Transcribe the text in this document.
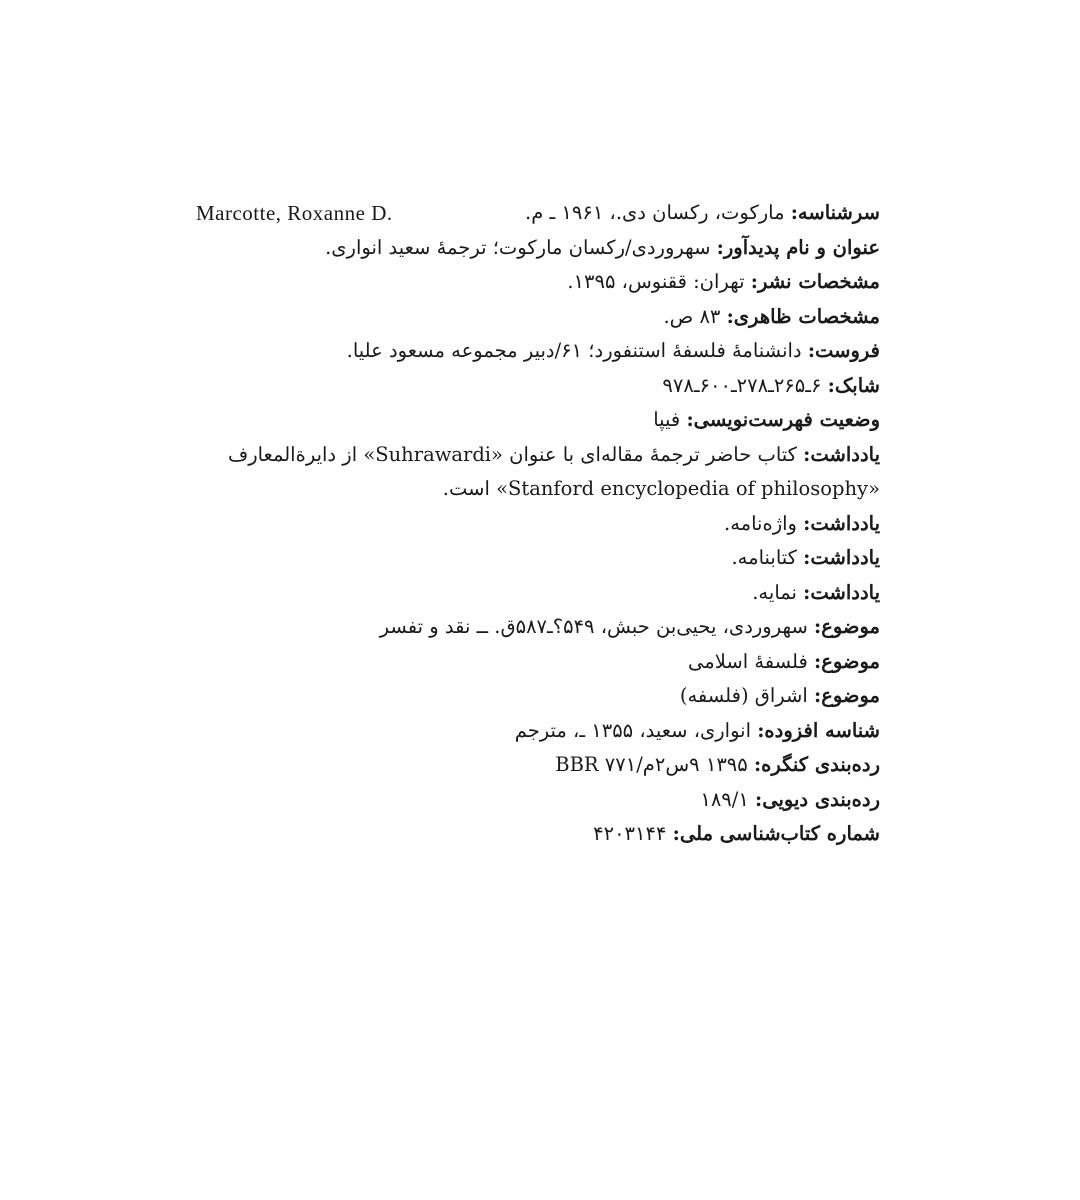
سرشناسه: مارکوت، رکسان دی.، ۱۹۶۱ ـ م.
Marcotte, Roxanne D.
عنوان و نام پدیدآور: سهروردی/رکسان مارکوت؛ ترجمهٔ سعید انواری.
مشخصات نشر: تهران: ققنوس، ۱۳۹۵.
مشخصات ظاهری: ۸۳ ص.
فروست: دانشنامهٔ فلسفهٔ استنفورد؛ ۶۱/دبیر مجموعه مسعود علیا.
شابک: ۶ـ۲۶۵ـ۲۷۸ـ۶۰۰ـ۹۷۸
وضعیت فهرست‌نویسی: فیپا
یادداشت: کتاب حاضر ترجمهٔ مقاله‌ای با عنوان «Suhrawardi» از دایرةالمعارف
«Stanford encyclopedia of philosophy» است.
یادداشت: واژه‌نامه.
یادداشت: کتابنامه.
یادداشت: نمایه.
موضوع: سهروردی، یحیی‌بن حبش، ۵۴۹؟ـ۵۸۷ق. ــ نقد و تفسر
موضوع: فلسفهٔ اسلامی
موضوع: اشراق (فلسفه)
شناسه افزوده: انواری، سعید، ۱۳۵۵ ـ، مترجم
رده‌بندی کنگره: ۱۳۹۵ ۹س۲م/BBR ۷۷۱
رده‌بندی دیویی: ۱۸۹/۱
شماره کتاب‌شناسی ملی: ۴۲۰۳۱۴۴
